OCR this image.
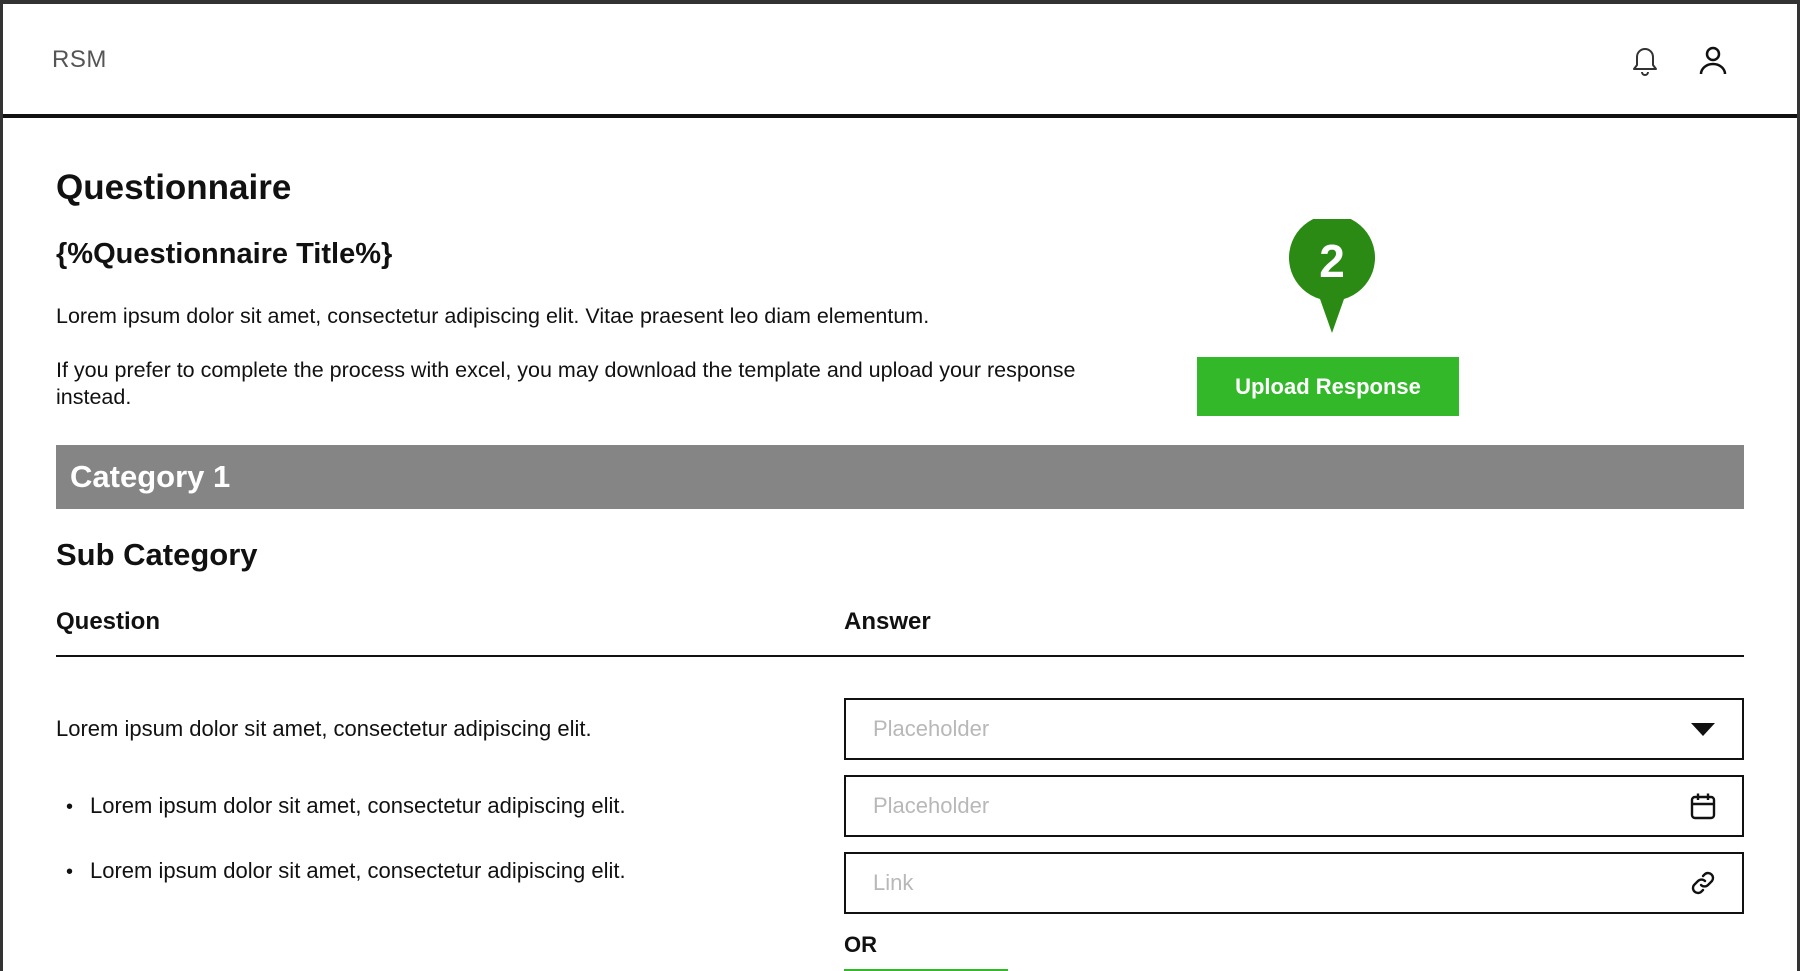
RSM
Questionnaire
{%Questionnaire Title%}

Lorem ipsum dolor sit amet, consectetur adipiscing elit. Vitae praesent leo diam elementum.

If you prefer to complete the process with excel, you may download the template and upload your response instead.

2
Upload Response
Category 1
Sub Category
Question	Answer
Lorem ipsum dolor sit amet, consectetur adipiscing elit.
• Lorem ipsum dolor sit amet, consectetur adipiscing elit.
• Lorem ipsum dolor sit amet, consectetur adipiscing elit.
Placeholder
Placeholder
Link
OR
